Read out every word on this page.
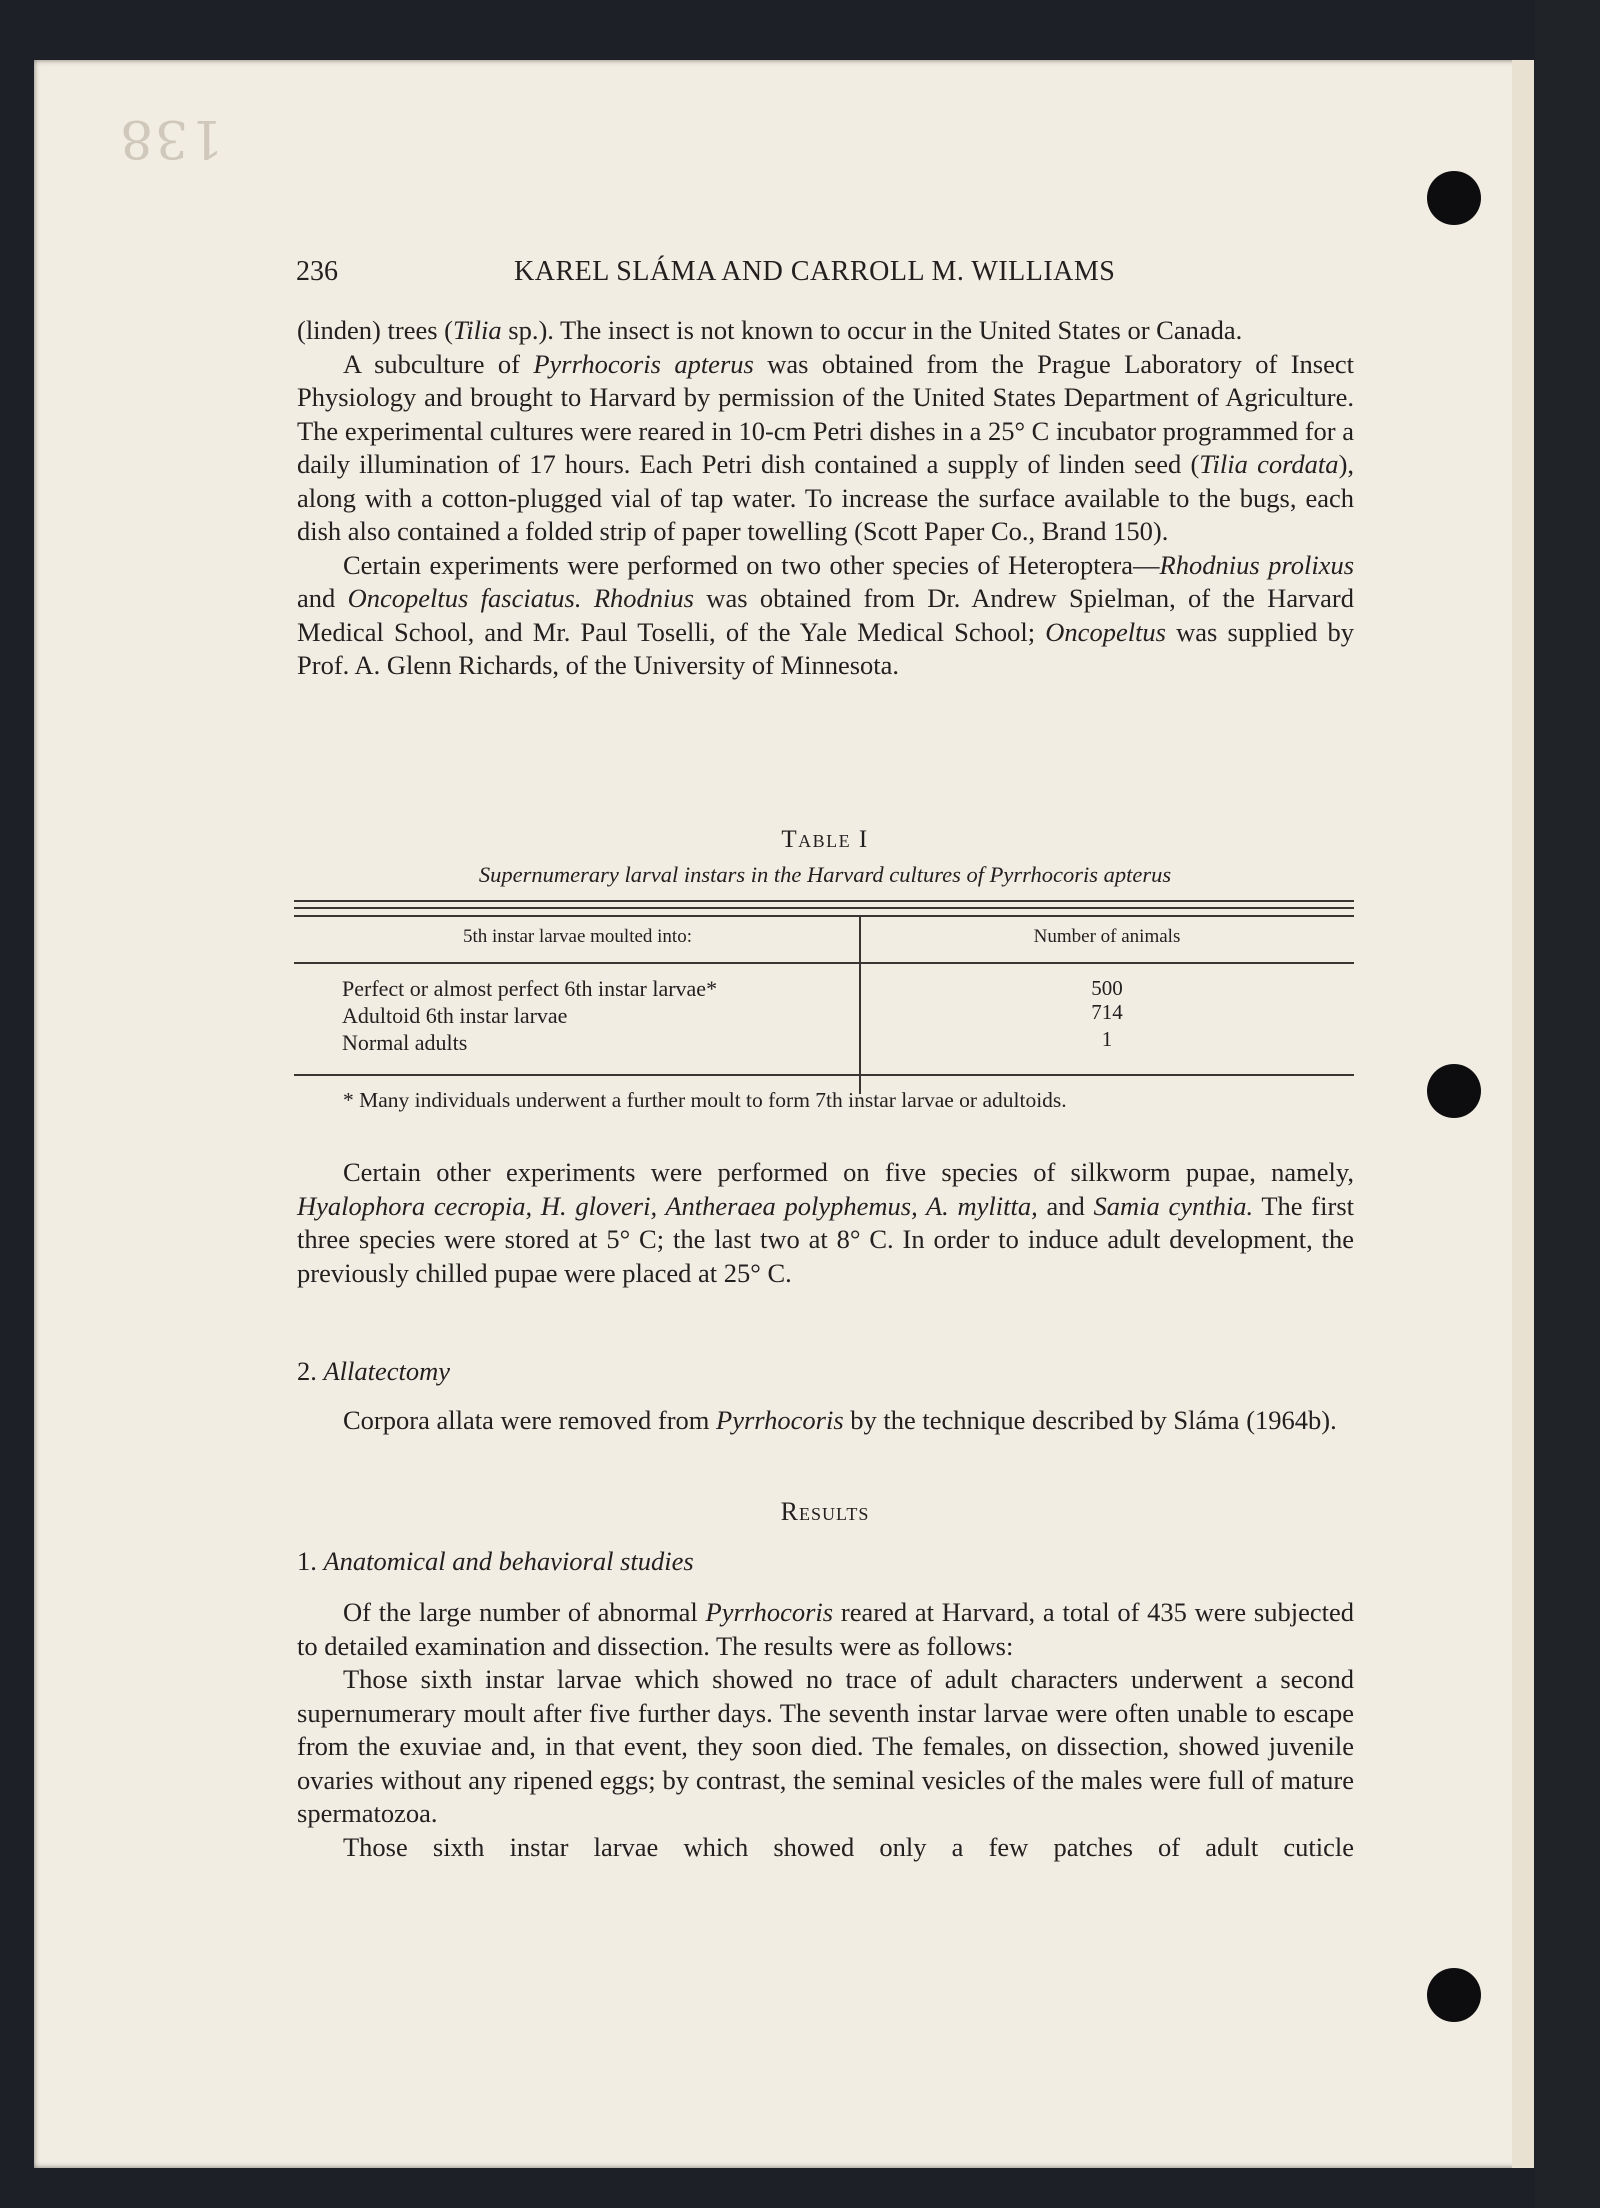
138
236	KAREL SLÁMA AND CARROLL M. WILLIAMS

(linden) trees (Tilia sp.). The insect is not known to occur in the United States or Canada.

A subculture of Pyrrhocoris apterus was obtained from the Prague Laboratory of Insect Physiology and brought to Harvard by permission of the United States Department of Agriculture. The experimental cultures were reared in 10-cm Petri dishes in a 25° C incubator programmed for a daily illumination of 17 hours. Each Petri dish contained a supply of linden seed (Tilia cordata), along with a cotton-plugged vial of tap water. To increase the surface available to the bugs, each dish also contained a folded strip of paper towelling (Scott Paper Co., Brand 150).

Certain experiments were performed on two other species of Heteroptera—Rhodnius prolixus and Oncopeltus fasciatus. Rhodnius was obtained from Dr. Andrew Spielman, of the Harvard Medical School, and Mr. Paul Toselli, of the Yale Medical School; Oncopeltus was supplied by Prof. A. Glenn Richards, of the University of Minnesota.

Table I
Supernumerary larval instars in the Harvard cultures of Pyrrhocoris apterus
5th instar larvae moulted into:	Number of animals
Perfect or almost perfect 6th instar larvae*	500
Adultoid 6th instar larvae	714
Normal adults	1
* Many individuals underwent a further moult to form 7th instar larvae or adultoids.

Certain other experiments were performed on five species of silkworm pupae, namely, Hyalophora cecropia, H. gloveri, Antheraea polyphemus, A. mylitta, and Samia cynthia. The first three species were stored at 5° C; the last two at 8° C. In order to induce adult development, the previously chilled pupae were placed at 25° C.

2. Allatectomy

Corpora allata were removed from Pyrrhocoris by the technique described by Sláma (1964b).

Results
1. Anatomical and behavioral studies

Of the large number of abnormal Pyrrhocoris reared at Harvard, a total of 435 were subjected to detailed examination and dissection. The results were as follows:

Those sixth instar larvae which showed no trace of adult characters underwent a second supernumerary moult after five further days. The seventh instar larvae were often unable to escape from the exuviae and, in that event, they soon died. The females, on dissection, showed juvenile ovaries without any ripened eggs; by contrast, the seminal vesicles of the males were full of mature spermatozoa.

Those sixth instar larvae which showed only a few patches of adult cuticle
